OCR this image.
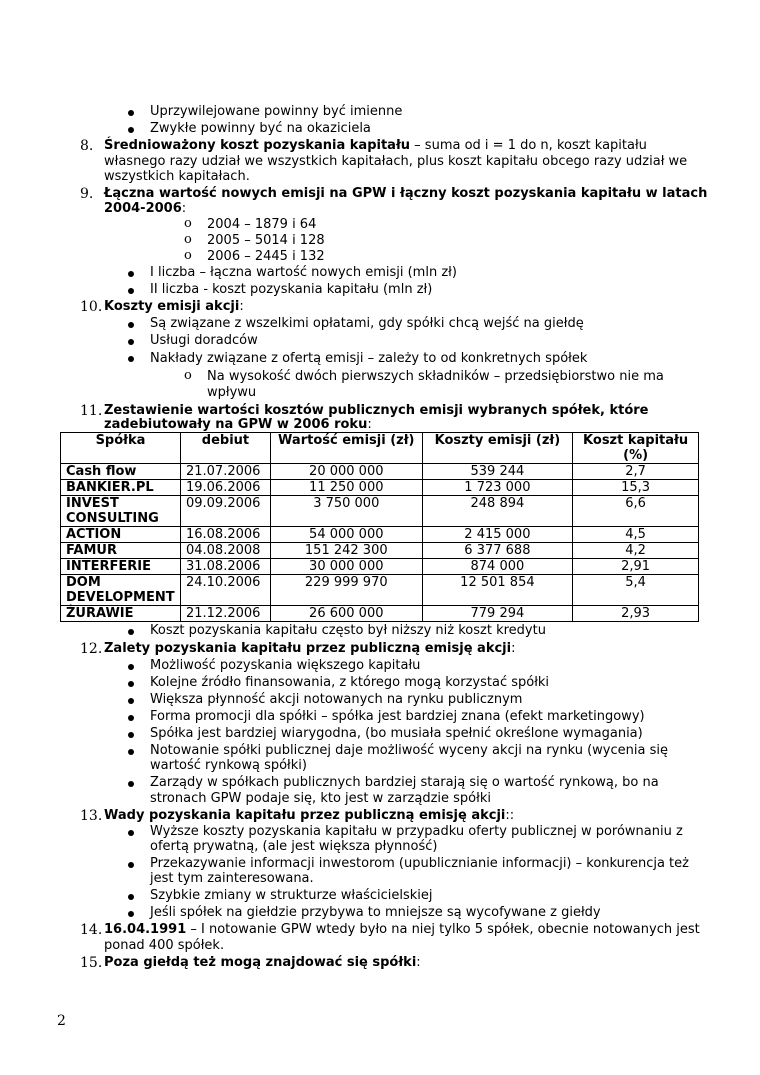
Uprzywilejowane powinny być imienne
Zwykłe powinny być na okaziciela
8. Średnioważony koszt pozyskania kapitału – suma od i = 1 do n, koszt kapitału
własnego razy udział we wszystkich kapitałach, plus koszt kapitału obcego razy udział we
wszystkich kapitałach.
9. Łączna wartość nowych emisji na GPW i łączny koszt pozyskania kapitału w latach
2004-2006:
o 2004 – 1879 i 64
o 2005 – 5014 i 128
o 2006 – 2445 i 132
I liczba – łączna wartość nowych emisji (mln zł)
II liczba - koszt pozyskania kapitału (mln zł)
10. Koszty emisji akcji:
Są związane z wszelkimi opłatami, gdy spółki chcą wejść na giełdę
Usługi doradców
Nakłady związane z ofertą emisji – zależy to od konkretnych spółek
o Na wysokość dwóch pierwszych składników – przedsiębiorstwo nie ma
wpływu
11. Zestawienie wartości kosztów publicznych emisji wybranych spółek, które
zadebiutowały na GPW w 2006 roku:
Spółka	debiut	Wartość emisji (zł)	Koszty emisji (zł)	Koszt kapitału (%)
Cash flow	21.07.2006	20 000 000	539 244	2,7
BANKIER.PL	19.06.2006	11 250 000	1 723 000	15,3
INVEST CONSULTING	09.09.2006	3 750 000	248 894	6,6
ACTION	16.08.2006	54 000 000	2 415 000	4,5
FAMUR	04.08.2008	151 242 300	6 377 688	4,2
INTERFERIE	31.08.2006	30 000 000	874 000	2,91
DOM DEVELOPMENT	24.10.2006	229 999 970	12 501 854	5,4
ŻURAWIE	21.12.2006	26 600 000	779 294	2,93
Koszt pozyskania kapitału często był niższy niż koszt kredytu
12. Zalety pozyskania kapitału przez publiczną emisję akcji:
Możliwość pozyskania większego kapitału
Kolejne źródło finansowania, z którego mogą korzystać spółki
Większa płynność akcji notowanych na rynku publicznym
Forma promocji dla spółki – spółka jest bardziej znana (efekt marketingowy)
Spółka jest bardziej wiarygodna, (bo musiała spełnić określone wymagania)
Notowanie spółki publicznej daje możliwość wyceny akcji na rynku (wycenia się
wartość rynkową spółki)
Zarządy w spółkach publicznych bardziej starają się o wartość rynkową, bo na
stronach GPW podaje się, kto jest w zarządzie spółki
13. Wady pozyskania kapitału przez publiczną emisję akcji::
Wyższe koszty pozyskania kapitału w przypadku oferty publicznej w porównaniu z
ofertą prywatną, (ale jest większa płynność)
Przekazywanie informacji inwestorom (upublicznianie informacji) – konkurencja też
jest tym zainteresowana.
Szybkie zmiany w strukturze właścicielskiej
Jeśli spółek na giełdzie przybywa to mniejsze są wycofywane z giełdy
14. 16.04.1991 – I notowanie GPW wtedy było na niej tylko 5 spółek, obecnie notowanych jest
ponad 400 spółek.
15. Poza giełdą też mogą znajdować się spółki:
2
